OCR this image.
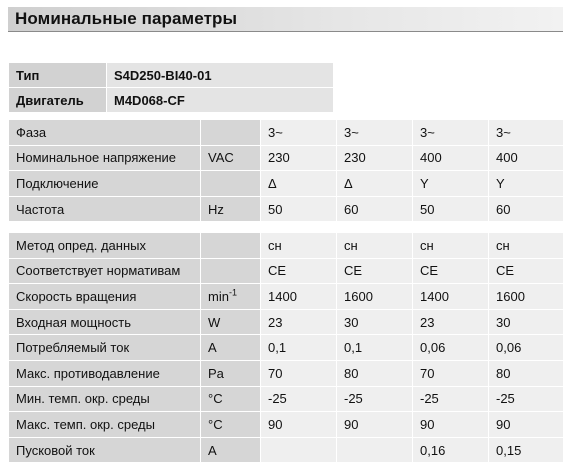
Номинальные параметры
Тип	S4D250-BI40-01
Двигатель	M4D068-CF
Фаза		3~	3~	3~	3~
Номинальное напряжение	VAC	230	230	400	400
Подключение		Δ	Δ	Y	Y
Частота	Hz	50	60	50	60
Метод опред. данных		сн	сн	сн	сн
Соответствует нормативам		CE	CE	CE	CE
Скорость вращения	$\min^{-1}$	1400	1600	1400	1600
Входная мощность	W	23	30	23	30
Потребляемый ток	A	0,1	0,1	0,06	0,06
Макс. противодавление	Pa	70	80	70	80
Мин. темп. окр. среды	°C	-25	-25	-25	-25
Макс. темп. окр. среды	°C	90	90	90	90
Пусковой ток	A			0,16	0,15
